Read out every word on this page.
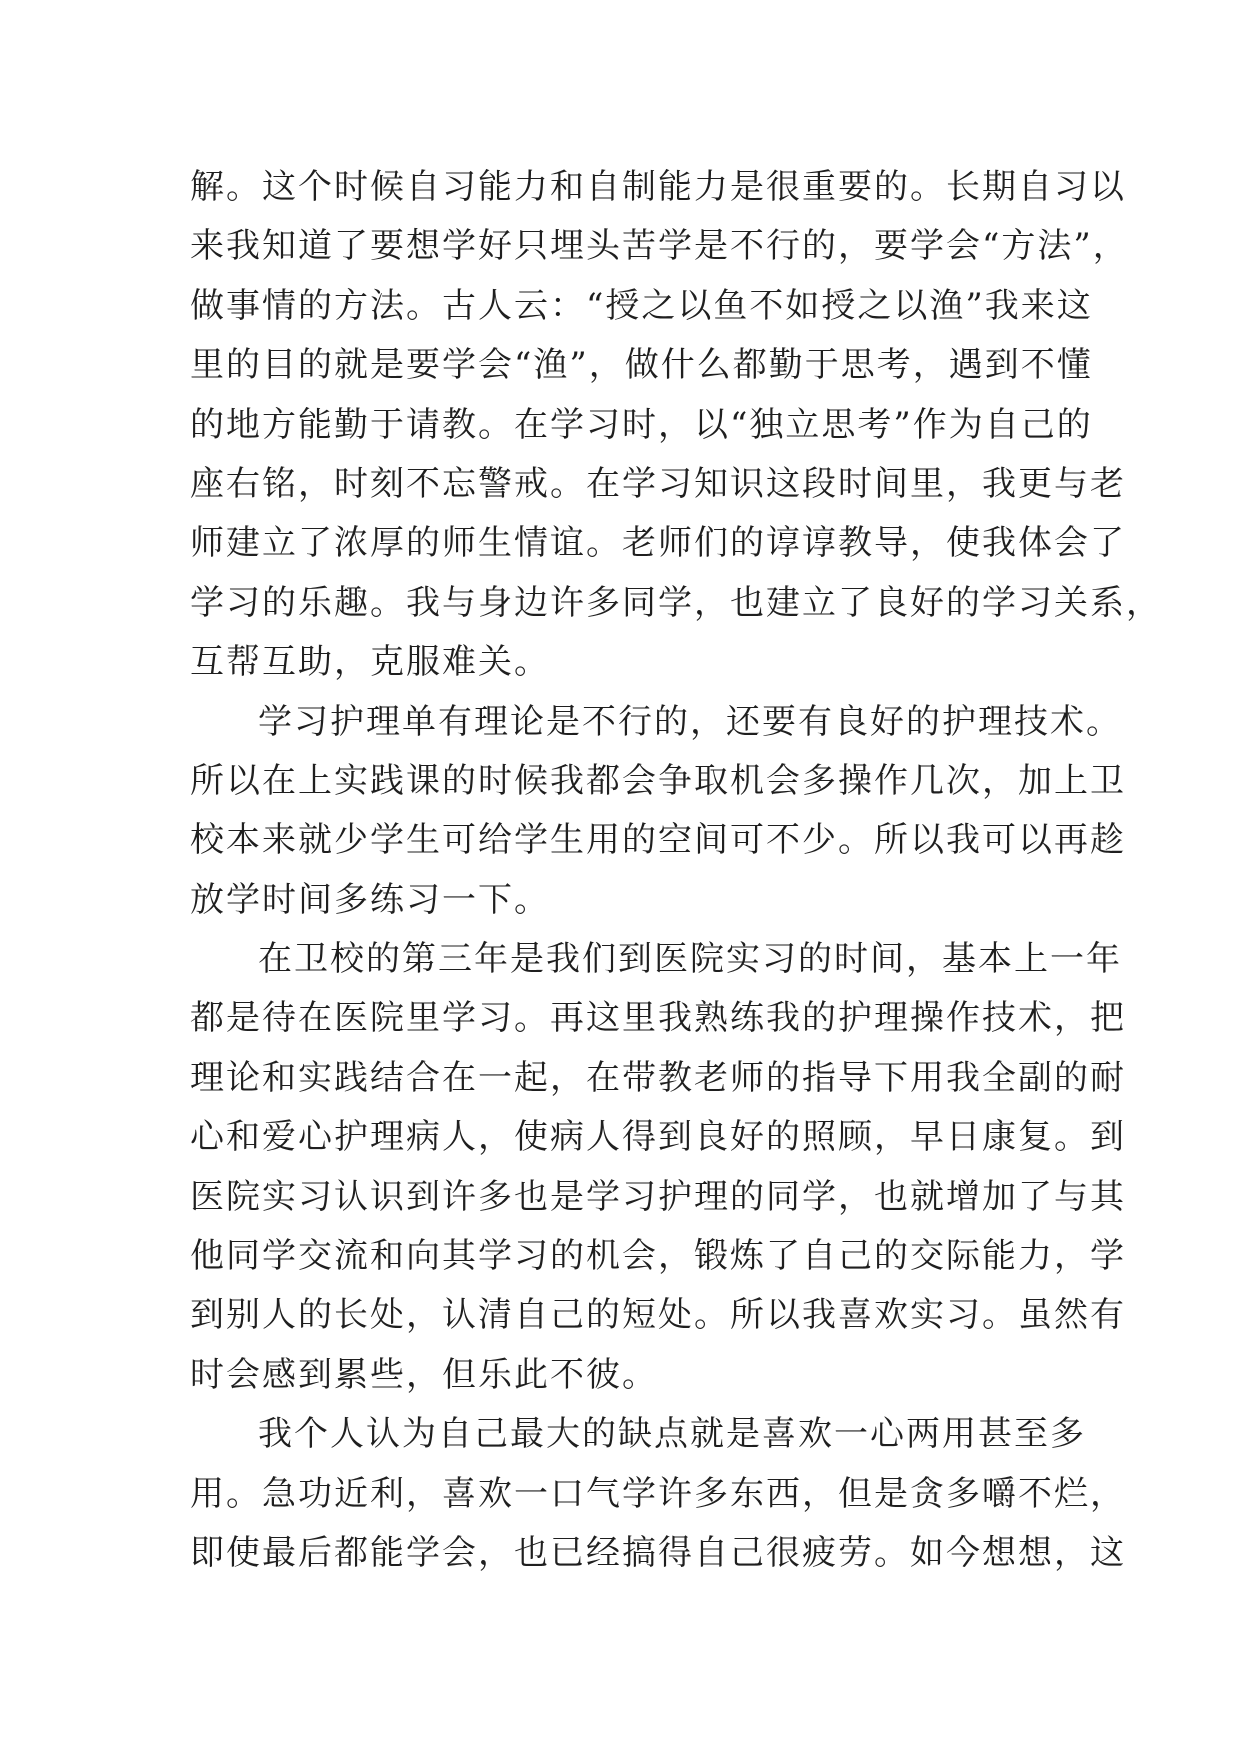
解。这个时候自习能力和自制能力是很重要的。长期自习以
来我知道了要想学好只埋头苦学是不行的，要学会“方法”，
做事情的方法。古人云：“授之以鱼不如授之以渔”我来这
里的目的就是要学会“渔”，做什么都勤于思考，遇到不懂
的地方能勤于请教。在学习时，以“独立思考”作为自己的
座右铭，时刻不忘警戒。在学习知识这段时间里，我更与老
师建立了浓厚的师生情谊。老师们的谆谆教导，使我体会了
学习的乐趣。我与身边许多同学，也建立了良好的学习关系，
互帮互助，克服难关。
学习护理单有理论是不行的，还要有良好的护理技术。
所以在上实践课的时候我都会争取机会多操作几次，加上卫
校本来就少学生可给学生用的空间可不少。所以我可以再趁
放学时间多练习一下。
在卫校的第三年是我们到医院实习的时间，基本上一年
都是待在医院里学习。再这里我熟练我的护理操作技术，把
理论和实践结合在一起，在带教老师的指导下用我全副的耐
心和爱心护理病人，使病人得到良好的照顾，早日康复。到
医院实习认识到许多也是学习护理的同学，也就增加了与其
他同学交流和向其学习的机会，锻炼了自己的交际能力，学
到别人的长处，认清自己的短处。所以我喜欢实习。虽然有
时会感到累些，但乐此不彼。
我个人认为自己最大的缺点就是喜欢一心两用甚至多
用。急功近利，喜欢一口气学许多东西，但是贪多嚼不烂，
即使最后都能学会，也已经搞得自己很疲劳。如今想想，这
